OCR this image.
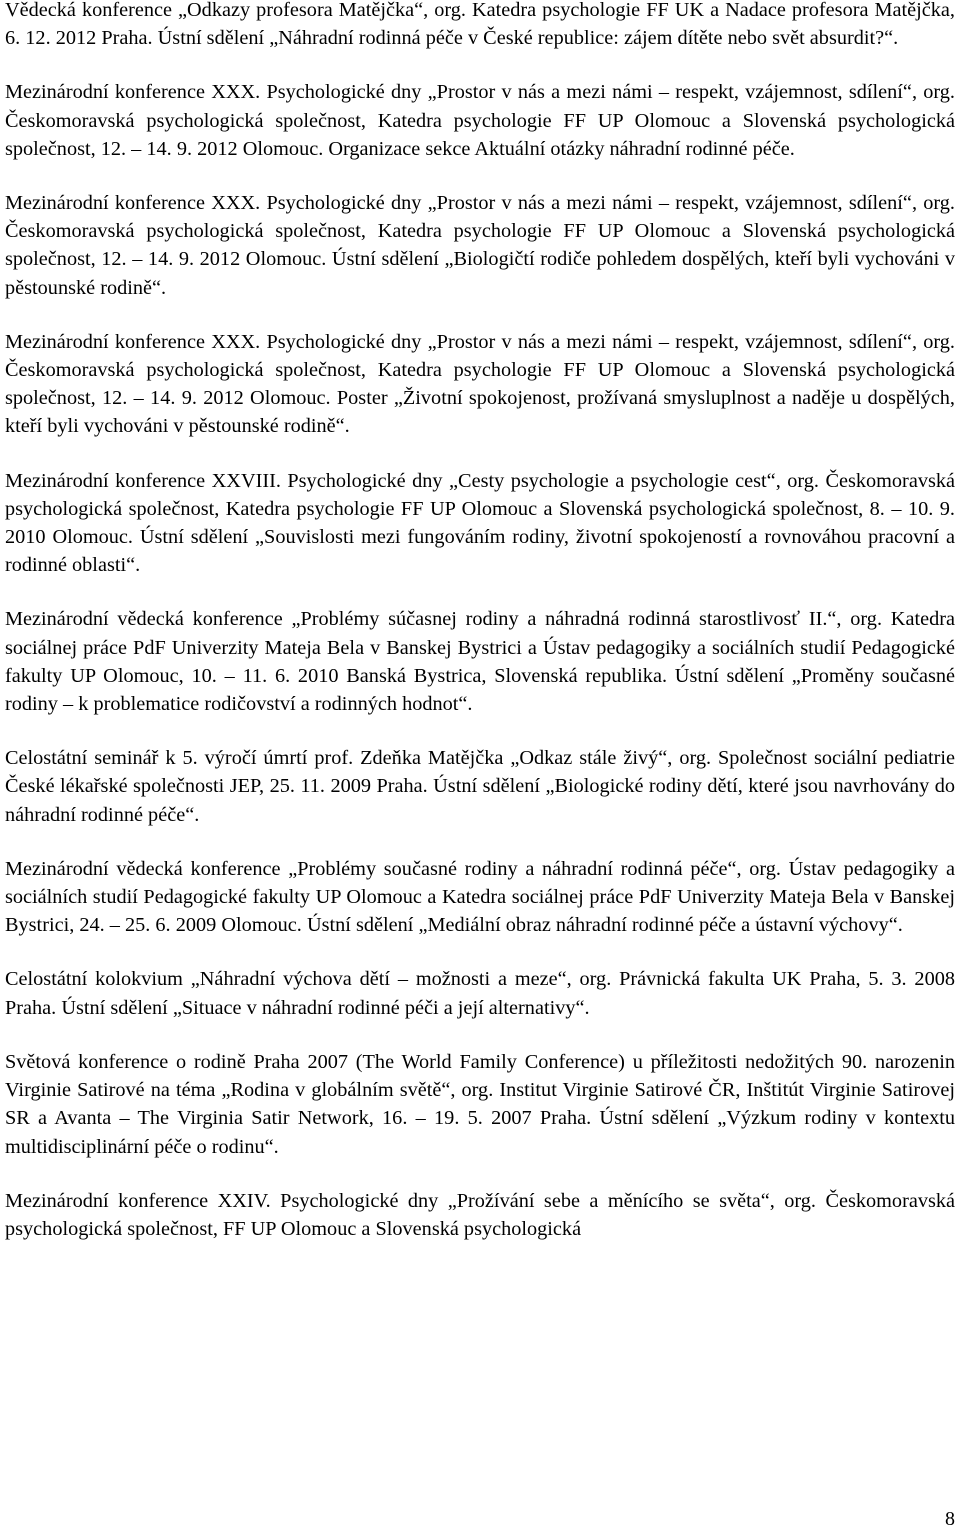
Vědecká konference „Odkazy profesora Matějčka“, org. Katedra psychologie FF UK a Nadace profesora Matějčka, 6. 12. 2012 Praha. Ústní sdělení „Náhradní rodinná péče v České republice: zájem dítěte nebo svět absurdit?“.

Mezinárodní konference XXX. Psychologické dny „Prostor v nás a mezi námi – respekt, vzájemnost, sdílení“, org. Českomoravská psychologická společnost, Katedra psychologie FF UP Olomouc a Slovenská psychologická společnost, 12. – 14. 9. 2012 Olomouc. Organizace sekce Aktuální otázky náhradní rodinné péče.

Mezinárodní konference XXX. Psychologické dny „Prostor v nás a mezi námi – respekt, vzájemnost, sdílení“, org. Českomoravská psychologická společnost, Katedra psychologie FF UP Olomouc a Slovenská psychologická společnost, 12. – 14. 9. 2012 Olomouc. Ústní sdělení „Biologičtí rodiče pohledem dospělých, kteří byli vychováni v pěstounské rodině“.

Mezinárodní konference XXX. Psychologické dny „Prostor v nás a mezi námi – respekt, vzájemnost, sdílení“, org. Českomoravská psychologická společnost, Katedra psychologie FF UP Olomouc a Slovenská psychologická společnost, 12. – 14. 9. 2012 Olomouc. Poster „Životní spokojenost, prožívaná smysluplnost a naděje u dospělých, kteří byli vychováni v pěstounské rodině“.

Mezinárodní konference XXVIII. Psychologické dny „Cesty psychologie a psychologie cest“, org. Českomoravská psychologická společnost, Katedra psychologie FF UP Olomouc a Slovenská psychologická společnost, 8. – 10. 9. 2010 Olomouc. Ústní sdělení „Souvislosti mezi fungováním rodiny, životní spokojeností a rovnováhou pracovní a rodinné oblasti“.

Mezinárodní vědecká konference „Problémy súčasnej rodiny a náhradná rodinná starostlivosť II.“, org. Katedra sociálnej práce PdF Univerzity Mateja Bela v Banskej Bystrici a Ústav pedagogiky a sociálních studií Pedagogické fakulty UP Olomouc, 10. – 11. 6. 2010 Banská Bystrica, Slovenská republika. Ústní sdělení „Proměny současné rodiny – k problematice rodičovství a rodinných hodnot“.

Celostátní seminář k 5. výročí úmrtí prof. Zdeňka Matějčka „Odkaz stále živý“, org. Společnost sociální pediatrie České lékařské společnosti JEP, 25. 11. 2009 Praha. Ústní sdělení „Biologické rodiny dětí, které jsou navrhovány do náhradní rodinné péče“.

Mezinárodní vědecká konference „Problémy současné rodiny a náhradní rodinná péče“, org. Ústav pedagogiky a sociálních studií Pedagogické fakulty UP Olomouc a Katedra sociálnej práce PdF Univerzity Mateja Bela v Banskej Bystrici, 24. – 25. 6. 2009 Olomouc. Ústní sdělení „Mediální obraz náhradní rodinné péče a ústavní výchovy“.

Celostátní kolokvium „Náhradní výchova dětí – možnosti a meze“, org. Právnická fakulta UK Praha, 5. 3. 2008 Praha. Ústní sdělení „Situace v náhradní rodinné péči a její alternativy“.

Světová konference o rodině Praha 2007 (The World Family Conference) u příležitosti nedožitých 90. narozenin Virginie Satirové na téma „Rodina v globálním světě“, org. Institut Virginie Satirové ČR, Inštitút Virginie Satirovej SR a Avanta – The Virginia Satir Network, 16. – 19. 5. 2007 Praha. Ústní sdělení „Výzkum rodiny v kontextu multidisciplinární péče o rodinu“.

Mezinárodní konference XXIV. Psychologické dny „Prožívání sebe a měnícího se světa“, org. Českomoravská psychologická společnost, FF UP Olomouc a Slovenská psychologická

8
